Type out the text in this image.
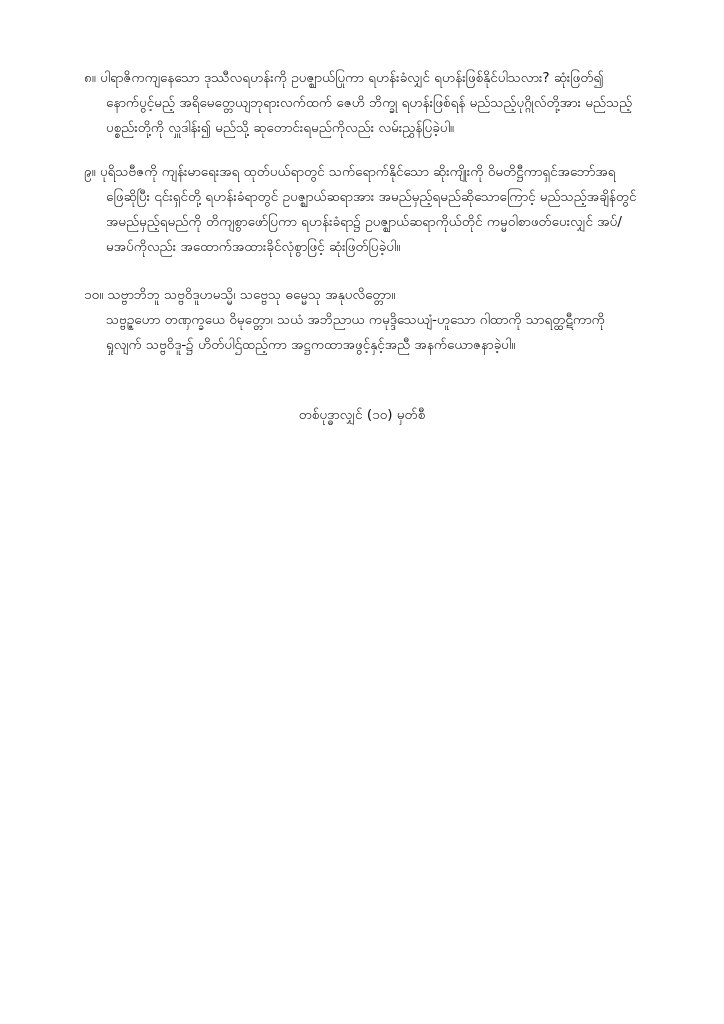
၈။ ပါရာဇိကကျနေသော ဒုဿီလရဟန်းကို ဥပဇ္ဈာယ်ပြုကာ ရဟန်းခံလျှင် ရဟန်းဖြစ်နိုင်ပါသလား? ဆုံးဖြတ်၍
နောက်ပွင့်မည့် အရိမေတ္တေယျဘုရားလက်ထက် ဇေဟိ ဘိက္ခု ရဟန်းဖြစ်ရန် မည်သည့်ပုဂ္ဂိုလ်တို့အား မည်သည့်
ပစ္စည်းတို့ကို လှူဒါန်း၍ မည်သို့ ဆုတောင်းရမည်ကိုလည်း လမ်းညွှန်ပြခဲ့ပါ။
၉။ ပုရိသဗီဇကို ကျန်းမာရေးအရ ထုတ်ပယ်ရာတွင် သက်ရောက်နိုင်သော ဆိုးကျိုးကို ဝိမတိဋ္ဌီကာရှင်အဘော်အရ
ဖြေဆိုပြီး ၎င်းရှင်တို့ ရဟန်းခံရာတွင် ဥပဇ္ဈာယ်ဆရာအား အမည်မှည့်ရမည်ဆိုသောကြောင့် မည်သည့်အချိန်တွင်
အမည်မှည့်ရမည်ကို တိကျစွာဖော်ပြကာ ရဟန်းခံရာ၌ ဥပဇ္ဈာယ်ဆရာကိုယ်တိုင် ကမ္မဝါစာဖတ်ပေးလျှင် အပ်/
မအပ်ကိုလည်း အထောက်အထားခိုင်လုံစွာဖြင့် ဆုံးဖြတ်ပြခဲ့ပါ။
၁၀။ သဗ္ဗာဘိဘူ သဗ္ဗဝိဒူဟမသ္မိ၊ သဗ္ဗေသု ဓမ္မေသု အနုပလိတ္တော။
သဗ္ဗဉ္ဇဟော တဏှက္ခယေ ဝိမုတ္တော၊ သယံ အဘိညာယ ကမုဒ္ဒိသေယျံ-ဟူသော ဂါထာကို သာရတ္ထဋီကာကို
ရှုလျက် သဗ္ဗဝိဒူ-၌ ဟိတ်ပါဌ်ထည့်ကာ အဋ္ဌကထာအဖွင့်နှင့်အညီ အနက်ယောဇနာခဲ့ပါ။
တစ်ပုဒ္ဓာလျှင် (၁၀) မှတ်စီ
